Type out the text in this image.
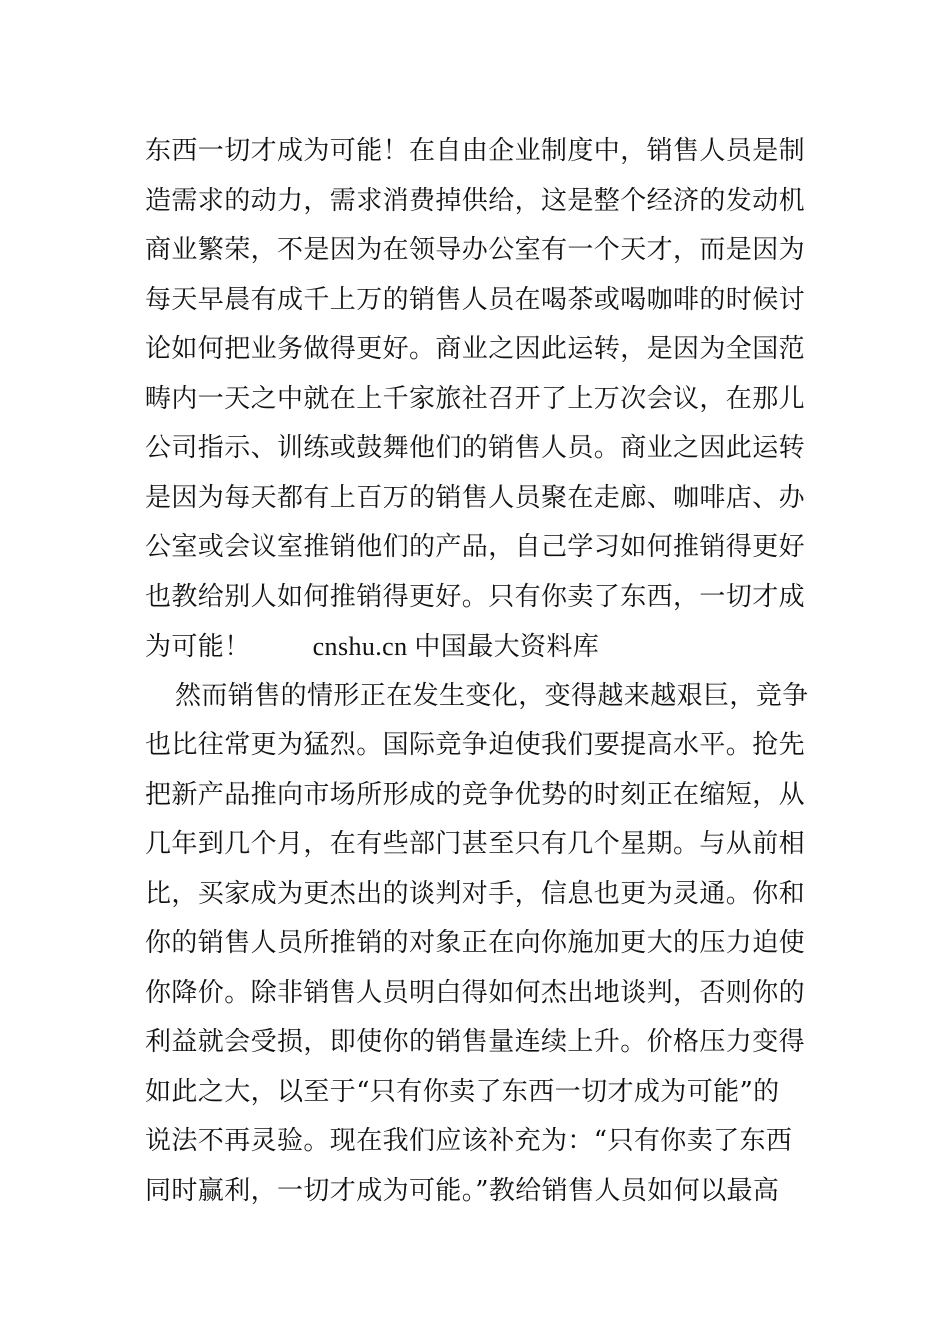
东西一切才成为可能！在自由企业制度中，销售人员是制
造需求的动力，需求消费掉供给，这是整个经济的发动机
商业繁荣，不是因为在领导办公室有一个天才，而是因为
每天早晨有成千上万的销售人员在喝茶或喝咖啡的时候讨
论如何把业务做得更好。商业之因此运转，是因为全国范
畴内一天之中就在上千家旅社召开了上万次会议，在那儿
公司指示、训练或鼓舞他们的销售人员。商业之因此运转
是因为每天都有上百万的销售人员聚在走廊、咖啡店、办
公室或会议室推销他们的产品，自己学习如何推销得更好
也教给别人如何推销得更好。只有你卖了东西，一切才成
为可能！ cnshu.cn 中国最大资料库
然而销售的情形正在发生变化，变得越来越艰巨，竞争
也比往常更为猛烈。国际竞争迫使我们要提高水平。抢先
把新产品推向市场所形成的竞争优势的时刻正在缩短，从
几年到几个月，在有些部门甚至只有几个星期。与从前相
比，买家成为更杰出的谈判对手，信息也更为灵通。你和
你的销售人员所推销的对象正在向你施加更大的压力迫使
你降价。除非销售人员明白得如何杰出地谈判，否则你的
利益就会受损，即使你的销售量连续上升。价格压力变得
如此之大，以至于“只有你卖了东西一切才成为可能”的
说法不再灵验。现在我们应该补充为：“只有你卖了东西
同时赢利，一切才成为可能。”教给销售人员如何以最高
